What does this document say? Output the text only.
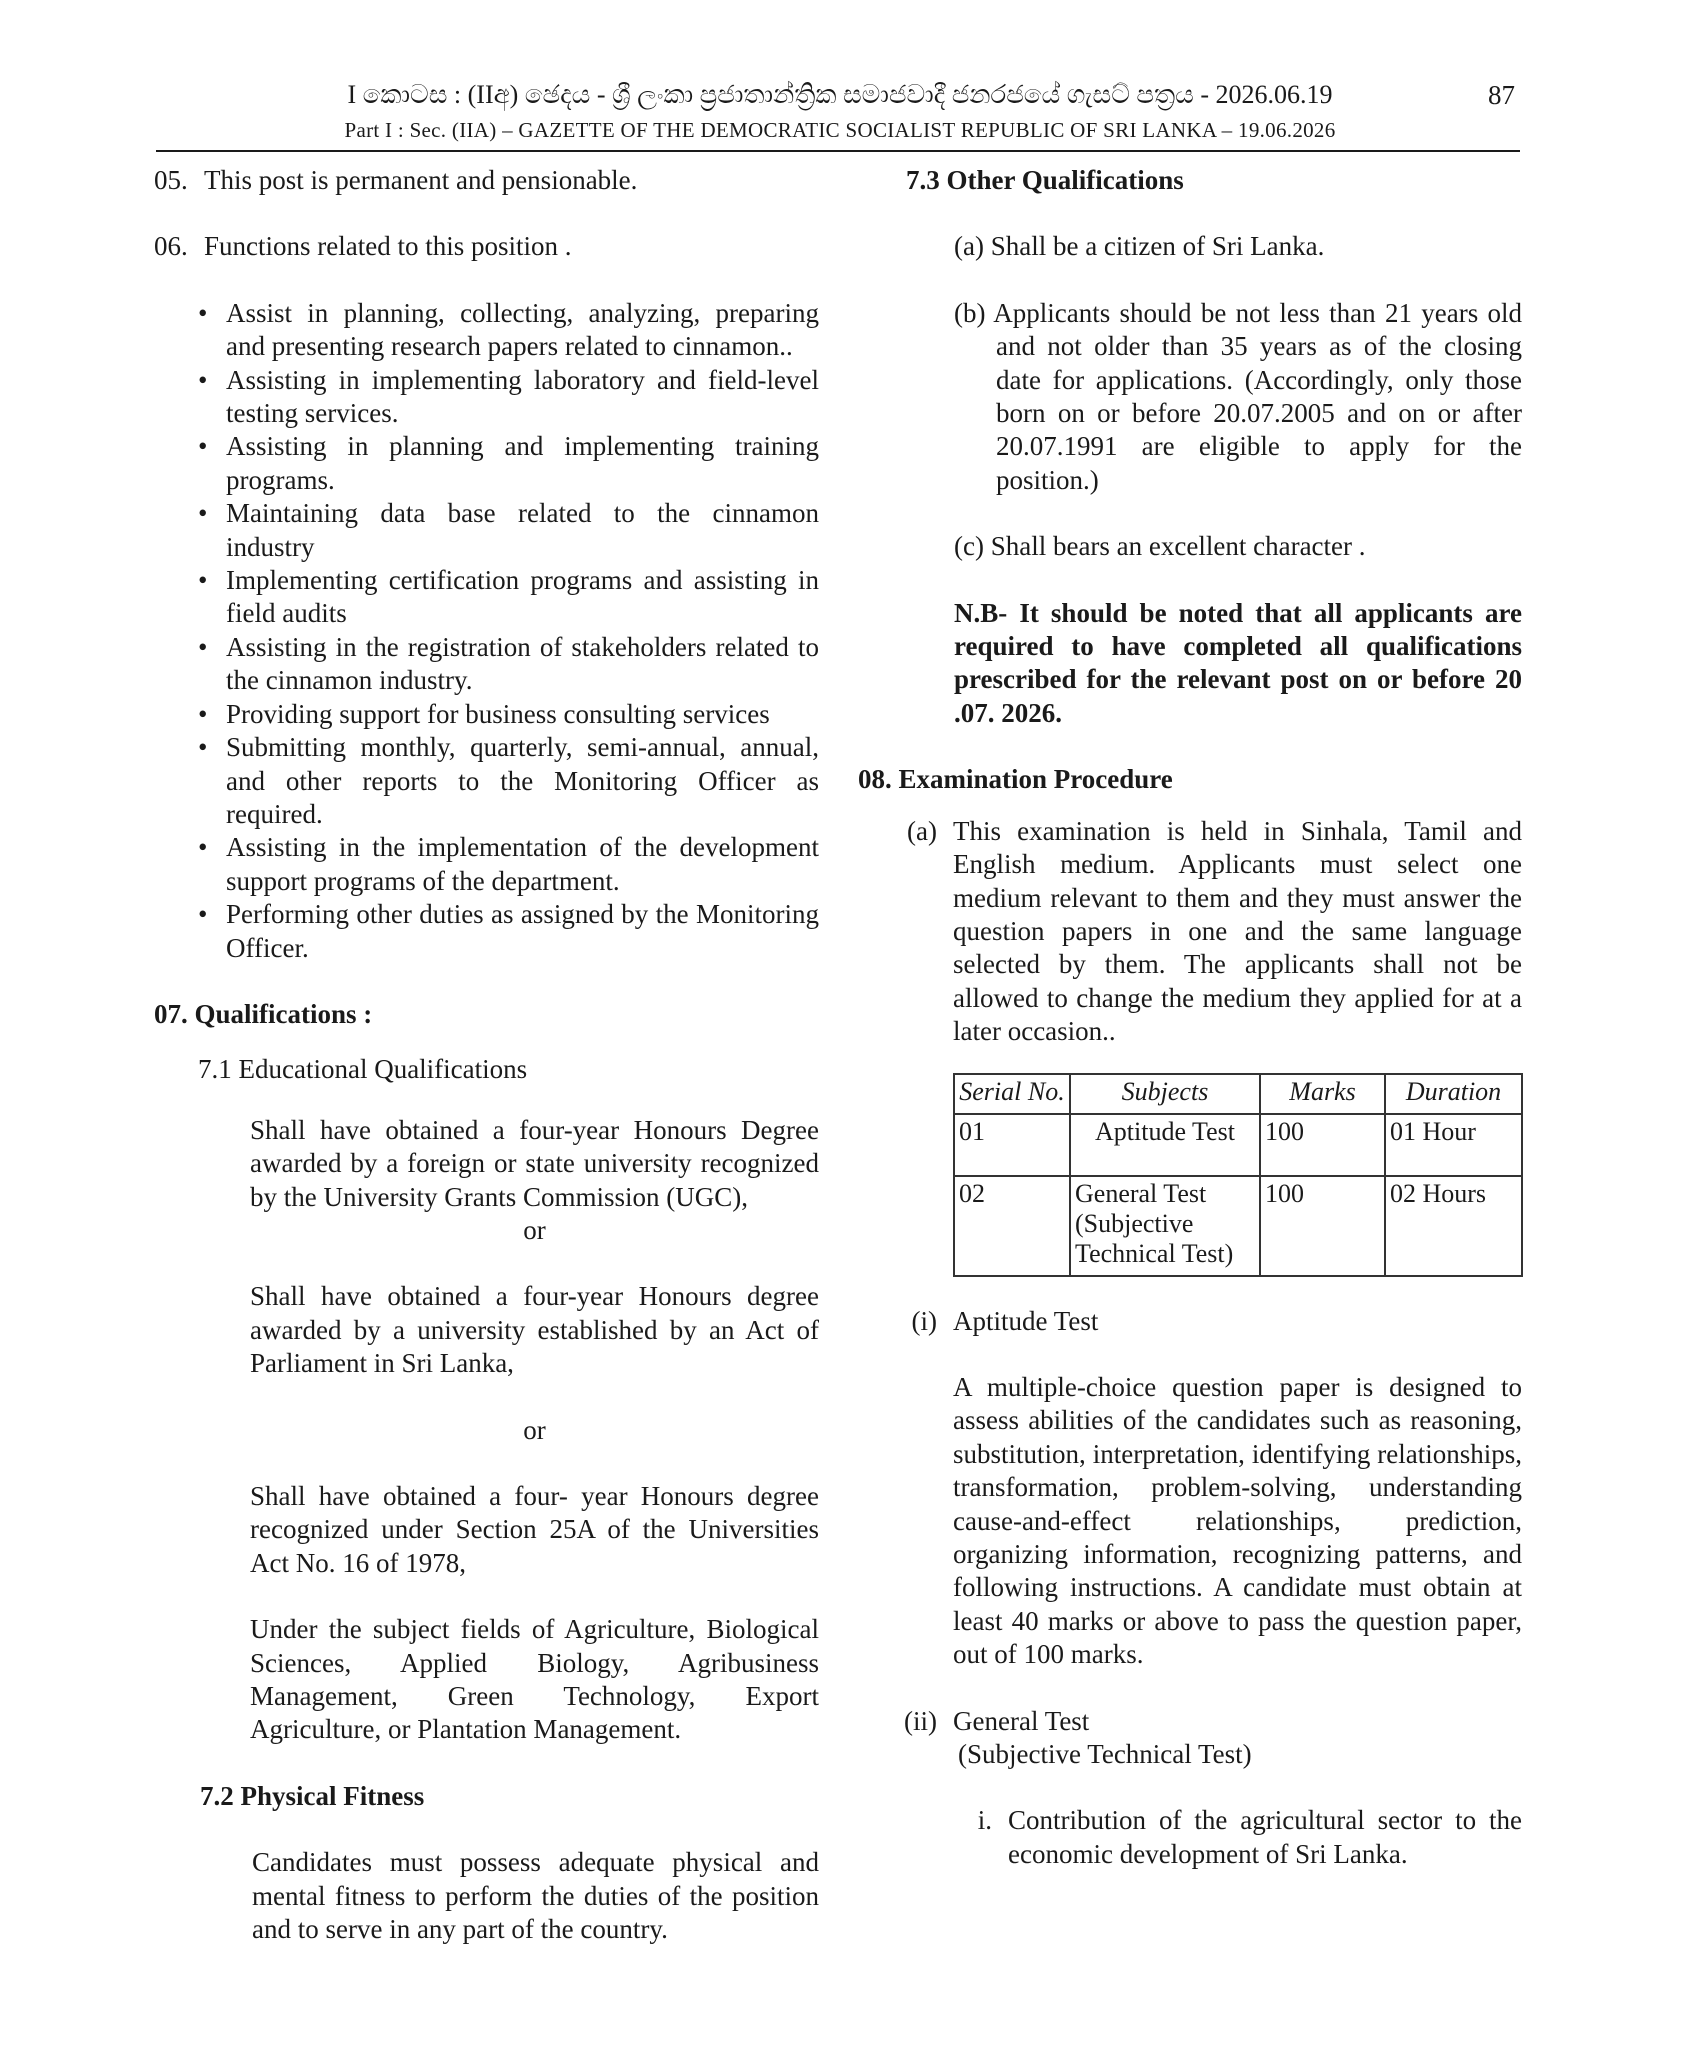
I කොටස : (IIඅ) ඡෙදය - ශ්‍රී ලංකා ප්‍රජාතාන්ත්‍රික සමාජවාදී ජනරජයේ ගැසට් පත්‍රය - 2026.06.19	87
Part I : Sec. (IIA) – GAZETTE OF THE DEMOCRATIC SOCIALIST REPUBLIC OF SRI LANKA – 19.06.2026
05. This post is permanent and pensionable.
06. Functions related to this position .
• Assist in planning, collecting, analyzing, preparing and presenting research papers related to cinnamon..
• Assisting in implementing laboratory and field-level testing services.
• Assisting in planning and implementing training programs.
• Maintaining data base related to the cinnamon industry
• Implementing certification programs and assisting in field audits
• Assisting in the registration of stakeholders related to the cinnamon industry.
• Providing support for business consulting services
• Submitting monthly, quarterly, semi-annual, annual, and other reports to the Monitoring Officer as required.
• Assisting in the implementation of the development support programs of the department.
• Performing other duties as assigned by the Monitoring Officer.
07. Qualifications :
7.1 Educational Qualifications
Shall have obtained a four-year Honours Degree awarded by a foreign or state university recognized by the University Grants Commission (UGC),
or
Shall have obtained a four-year Honours degree awarded by a university established by an Act of Parliament in Sri Lanka,
or
Shall have obtained a four- year Honours degree recognized under Section 25A of the Universities Act No. 16 of 1978,
Under the subject fields of Agriculture, Biological Sciences, Applied Biology, Agribusiness Management, Green Technology, Export Agriculture, or Plantation Management.
7.2 Physical Fitness
Candidates must possess adequate physical and mental fitness to perform the duties of the position and to serve in any part of the country.
7.3 Other Qualifications
(a) Shall be a citizen of Sri Lanka.
(b) Applicants should be not less than 21 years old and not older than 35 years as of the closing date for applications. (Accordingly, only those born on or before 20.07.2005 and on or after 20.07.1991 are eligible to apply for the position.)
(c) Shall bears an excellent character .
N.B- It should be noted that all applicants are required to have completed all qualifications prescribed for the relevant post on or before 20 .07. 2026.
08. Examination Procedure
(a) This examination is held in Sinhala, Tamil and English medium. Applicants must select one medium relevant to them and they must answer the question papers in one and the same language selected by them. The applicants shall not be allowed to change the medium they applied for at a later occasion..
Serial No.	Subjects	Marks	Duration
01	Aptitude Test	100	01 Hour
02	General Test (Subjective Technical Test)	100	02 Hours
(i) Aptitude Test
A multiple-choice question paper is designed to assess abilities of the candidates such as reasoning, substitution, interpretation, identifying relationships, transformation, problem-solving, understanding cause-and-effect relationships, prediction, organizing information, recognizing patterns, and following instructions. A candidate must obtain at least 40 marks or above to pass the question paper, out of 100 marks.
(ii) General Test
(Subjective Technical Test)
i. Contribution of the agricultural sector to the economic development of Sri Lanka.
